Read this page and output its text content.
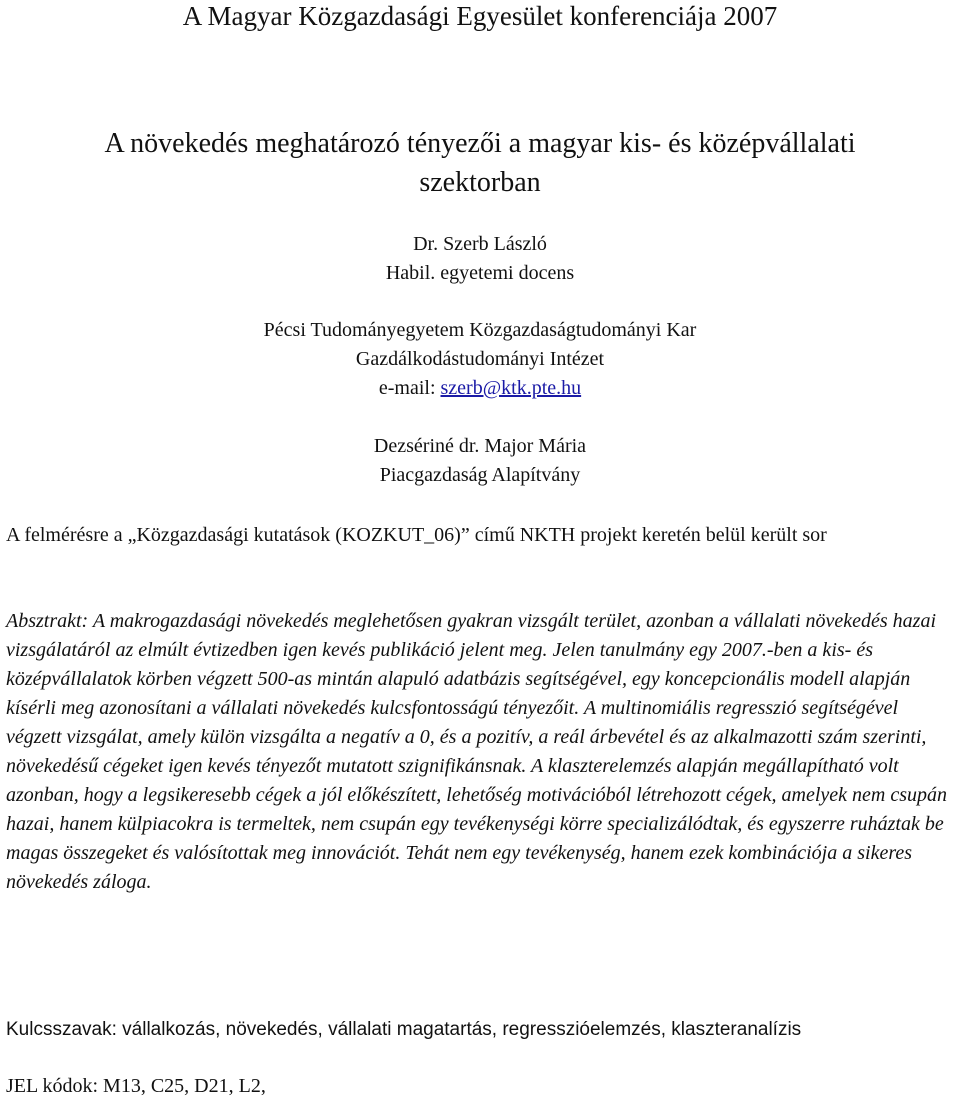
A Magyar Közgazdasági Egyesület konferenciája 2007
A növekedés meghatározó tényezői a magyar kis- és középvállalati
szektorban
Dr. Szerb László
Habil. egyetemi docens
Pécsi Tudományegyetem Közgazdaságtudományi Kar
Gazdálkodástudományi Intézet
e-mail: szerb@ktk.pte.hu
Dezsériné dr. Major Mária
Piacgazdaság Alapítvány

A felmérésre a „Közgazdasági kutatások (KOZKUT_06)” című NKTH projekt keretén belül került sor

Absztrakt: A makrogazdasági növekedés meglehetősen gyakran vizsgált terület, azonban a vállalati növekedés hazai vizsgálatáról az elmúlt évtizedben igen kevés publikáció jelent meg. Jelen tanulmány egy 2007.-ben a kis- és középvállalatok körben végzett 500-as mintán alapuló adatbázis segítségével, egy koncepcionális modell alapján kísérli meg azonosítani a vállalati növekedés kulcsfontosságú tényezőit. A multinomiális regresszió segítségével végzett vizsgálat, amely külön vizsgálta a negatív a 0, és a pozitív, a reál árbevétel és az alkalmazotti szám szerinti, növekedésű cégeket igen kevés tényezőt mutatott szignifikánsnak. A klaszterelemzés alapján megállapítható volt azonban, hogy a legsikeresebb cégek a jól előkészített, lehetőség motivációból létrehozott cégek, amelyek nem csupán hazai, hanem külpiacokra is termeltek, nem csupán egy tevékenységi körre specializálódtak, és egyszerre ruháztak be magas összegeket és valósítottak meg innovációt. Tehát nem egy tevékenység, hanem ezek kombinációja a sikeres növekedés záloga.

Kulcsszavak: vállalkozás, növekedés, vállalati magatartás, regresszióelemzés, klaszteranalízis

JEL kódok: M13, C25, D21, L2,
